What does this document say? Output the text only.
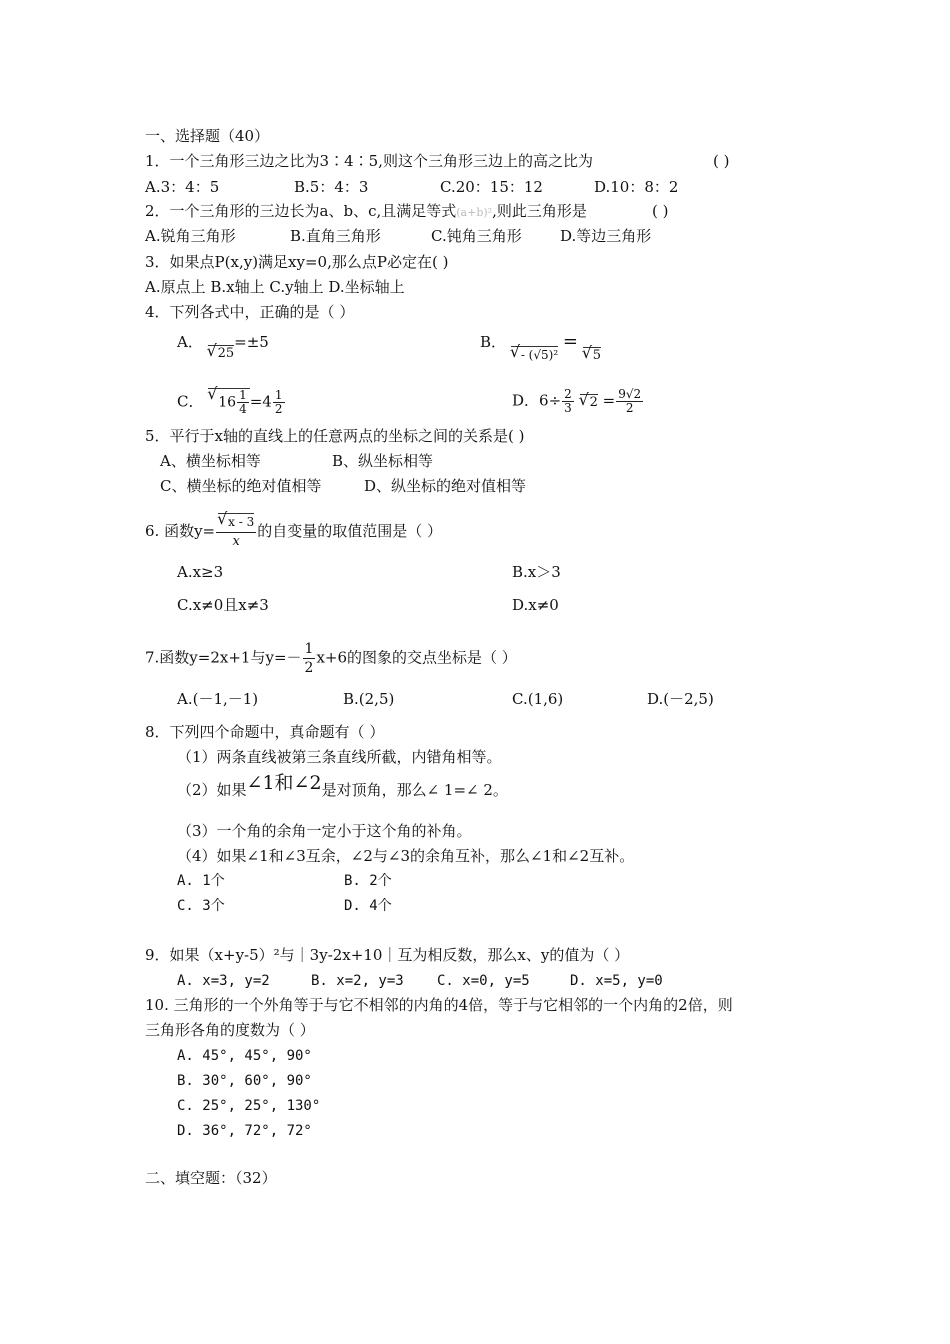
一、选择题（40）
1．一个三角形三边之比为3∶4∶5,则这个三角形三边上的高之比为	( )
A.3：4：5	B.5：4：3	C.20：15：12	D.10：8：2
2．一个三角形的三边长为a、b、c,且满足等式(a+b)²,则此三角形是	( )
A.锐角三角形	B.直角三角形	C.钝角三角形	D.等边三角形
3．如果点P(x,y)满足xy=0,那么点P必定在( )
A.原点上 B.x轴上 C.y轴上 D.坐标轴上
4．下列各式中，正确的是（ ）
A． √ 25=±5	B． √ - (√5)² = √ 5
C． √ $16 \frac{1}{4} =4 \frac{1}{2}$	D．$6\div \frac{2}{3}$ √ $2 = \frac{9√2}{2}$
5．平行于x轴的直线上的任意两点的坐标之间的关系是( )
A、横坐标相等	B、纵坐标相等
C、横坐标的绝对值相等	D、纵坐标的绝对值相等
6. 函数y= √ $\frac{x - 3}{x}$ 的自变量的取值范围是（ ）
A.x≥3	B.x＞3
C.x≠0且x≠3	D.x≠0
7.函数y=2x+1与$y=- \frac{1}{2} x+6$的图象的交点坐标是（ ）
A.(－1,－1)	B.(2,5)	C.(1,6)	D.(－2,5)
8．下列四个命题中，真命题有（ ）
（1）两条直线被第三条直线所截，内错角相等。
（2）如果∠1和∠2是对顶角，那么∠ 1=∠ 2。
（3）一个角的余角一定小于这个角的补角。
（4）如果∠1和∠3互余，∠2与∠3的余角互补，那么∠1和∠2互补。
A. 1个	B. 2个
C. 3个	D. 4个
9．如果（x+y-5）²与｜3y-2x+10｜互为相反数，那么x、y的值为（ ）
A. x=3, y=2	B. x=2, y=3 C. x=0, y=5	D. x=5, y=0
10. 三角形的一个外角等于与它不相邻的内角的4倍，等于与它相邻的一个内角的2倍，则
三角形各角的度数为（ ）
A. 45°, 45°, 90°
B. 30°, 60°, 90°
C. 25°, 25°, 130°
D. 36°, 72°, 72°
二、填空题：（32）
